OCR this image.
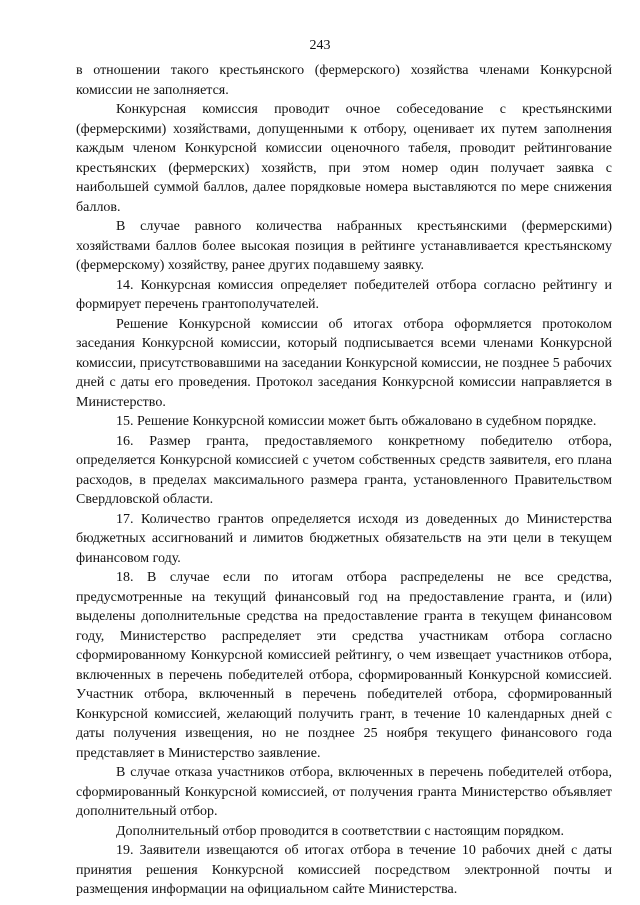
243

в отношении такого крестьянского (фермерского) хозяйства членами Конкурсной комиссии не заполняется.

Конкурсная комиссия проводит очное собеседование с крестьянскими (фермерскими) хозяйствами, допущенными к отбору, оценивает их путем заполнения каждым членом Конкурсной комиссии оценочного табеля, проводит рейтингование крестьянских (фермерских) хозяйств, при этом номер один получает заявка с наибольшей суммой баллов, далее порядковые номера выставляются по мере снижения баллов.

В случае равного количества набранных крестьянскими (фермерскими) хозяйствами баллов более высокая позиция в рейтинге устанавливается крестьянскому (фермерскому) хозяйству, ранее других подавшему заявку.

14. Конкурсная комиссия определяет победителей отбора согласно рейтингу и формирует перечень грантополучателей.

Решение Конкурсной комиссии об итогах отбора оформляется протоколом заседания Конкурсной комиссии, который подписывается всеми членами Конкурсной комиссии, присутствовавшими на заседании Конкурсной комиссии, не позднее 5 рабочих дней с даты его проведения. Протокол заседания Конкурсной комиссии направляется в Министерство.

15. Решение Конкурсной комиссии может быть обжаловано в судебном порядке.

16. Размер гранта, предоставляемого конкретному победителю отбора, определяется Конкурсной комиссией с учетом собственных средств заявителя, его плана расходов, в пределах максимального размера гранта, установленного Правительством Свердловской области.

17. Количество грантов определяется исходя из доведенных до Министерства бюджетных ассигнований и лимитов бюджетных обязательств на эти цели в текущем финансовом году.

18. В случае если по итогам отбора распределены не все средства, предусмотренные на текущий финансовый год на предоставление гранта, и (или) выделены дополнительные средства на предоставление гранта в текущем финансовом году, Министерство распределяет эти средства участникам отбора согласно сформированному Конкурсной комиссией рейтингу, о чем извещает участников отбора, включенных в перечень победителей отбора, сформированный Конкурсной комиссией. Участник отбора, включенный в перечень победителей отбора, сформированный Конкурсной комиссией, желающий получить грант, в течение 10 календарных дней с даты получения извещения, но не позднее 25 ноября текущего финансового года представляет в Министерство заявление.

В случае отказа участников отбора, включенных в перечень победителей отбора, сформированный Конкурсной комиссией, от получения гранта Министерство объявляет дополнительный отбор.

Дополнительный отбор проводится в соответствии с настоящим порядком.

19. Заявители извещаются об итогах отбора в течение 10 рабочих дней с даты принятия решения Конкурсной комиссией посредством электронной почты и размещения информации на официальном сайте Министерства.
